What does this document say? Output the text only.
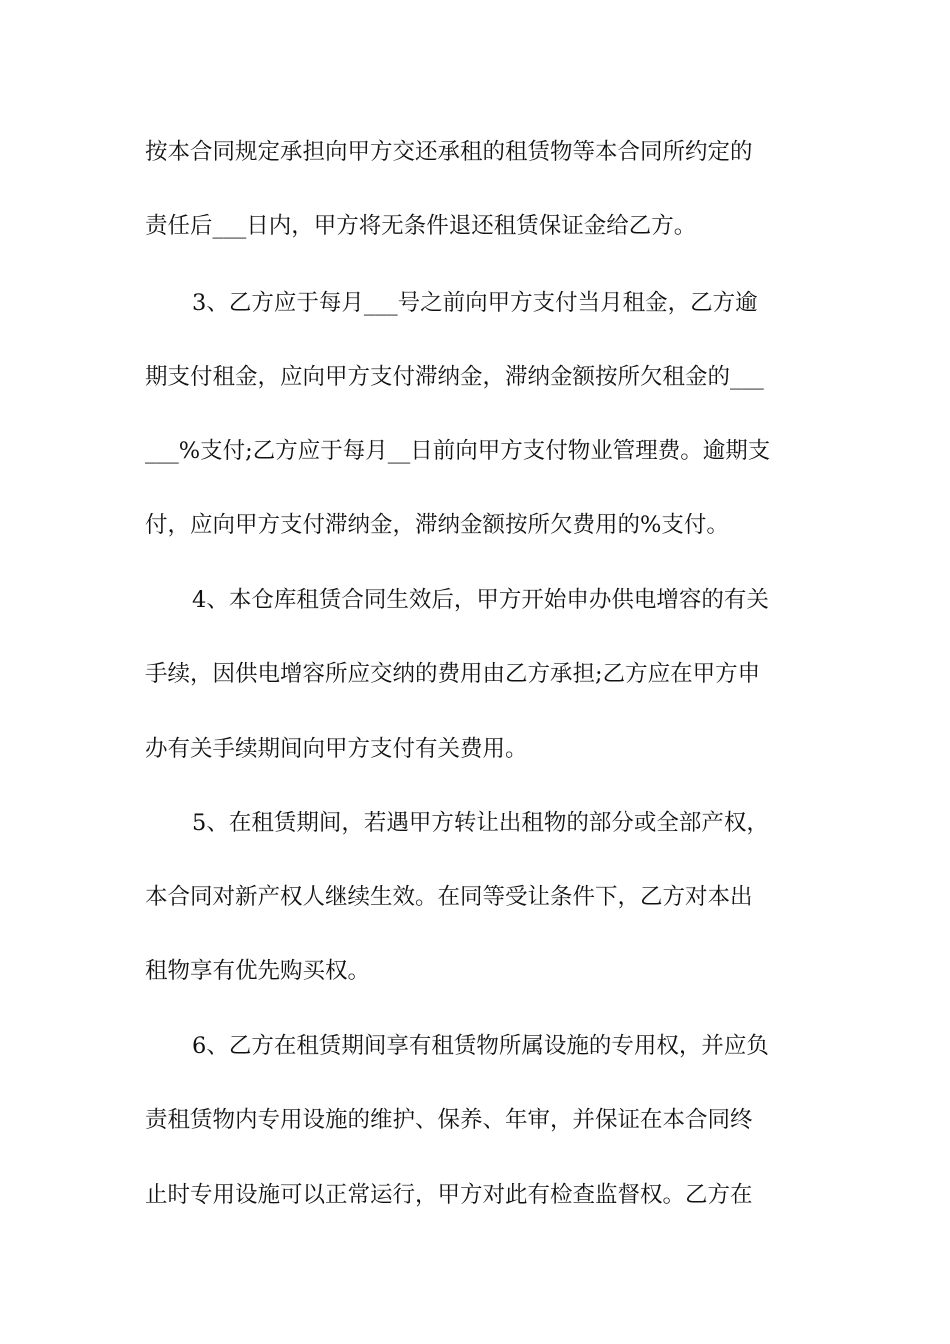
按本合同规定承担向甲方交还承租的租赁物等本合同所约定的
责任后___日内，甲方将无条件退还租赁保证金给乙方。
3、乙方应于每月___号之前向甲方支付当月租金，乙方逾
期支付租金，应向甲方支付滞纳金，滞纳金额按所欠租金的___
___%支付;乙方应于每月__日前向甲方支付物业管理费。逾期支
付，应向甲方支付滞纳金，滞纳金额按所欠费用的%支付。
4、本仓库租赁合同生效后，甲方开始申办供电增容的有关
手续，因供电增容所应交纳的费用由乙方承担;乙方应在甲方申
办有关手续期间向甲方支付有关费用。
5、在租赁期间，若遇甲方转让出租物的部分或全部产权，
本合同对新产权人继续生效。在同等受让条件下，乙方对本出
租物享有优先购买权。
6、乙方在租赁期间享有租赁物所属设施的专用权，并应负
责租赁物内专用设施的维护、保养、年审，并保证在本合同终
止时专用设施可以正常运行，甲方对此有检查监督权。乙方在
